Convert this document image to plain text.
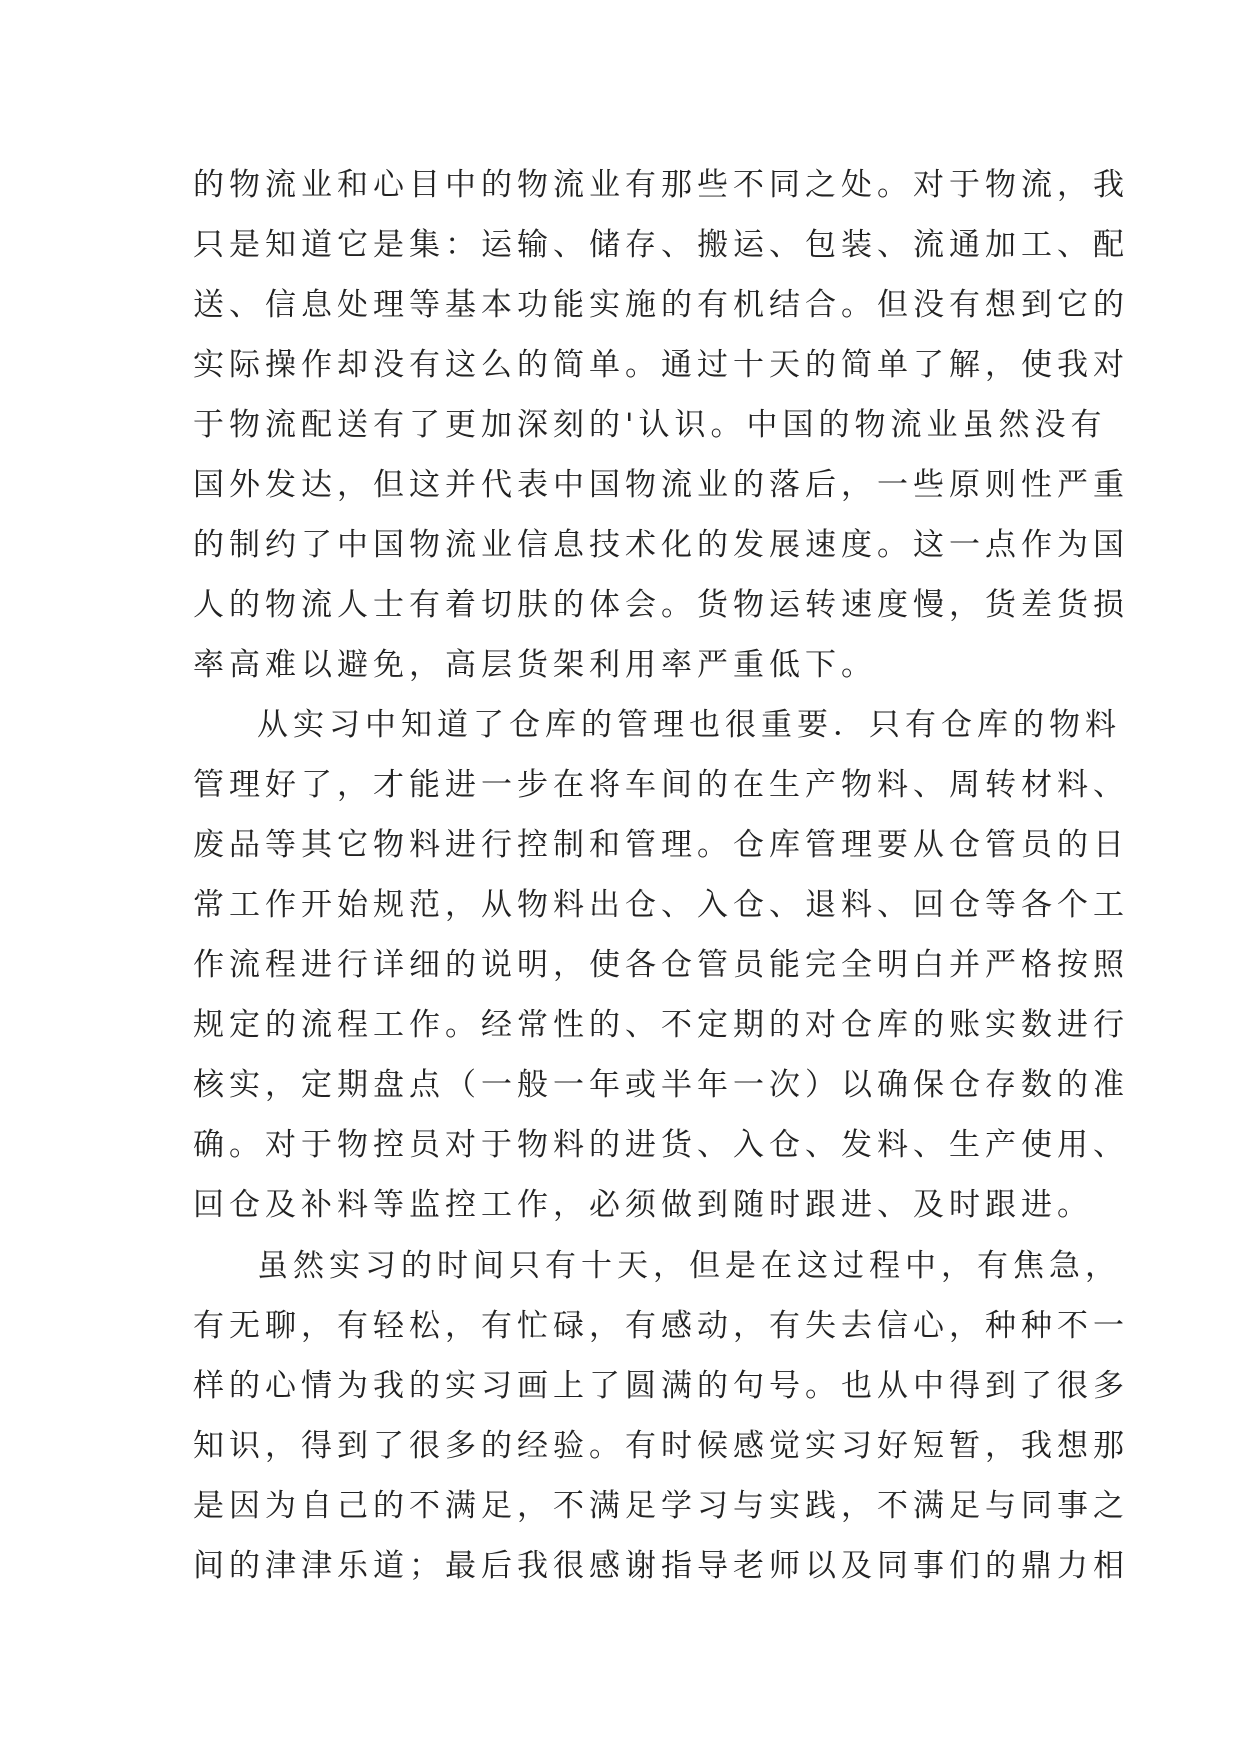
的物流业和心目中的物流业有那些不同之处。对于物流，我
只是知道它是集：运输、储存、搬运、包装、流通加工、配
送、信息处理等基本功能实施的有机结合。但没有想到它的
实际操作却没有这么的简单。通过十天的简单了解，使我对
于物流配送有了更加深刻的'认识。中国的物流业虽然没有
国外发达，但这并代表中国物流业的落后，一些原则性严重
的制约了中国物流业信息技术化的发展速度。这一点作为国
人的物流人士有着切肤的体会。货物运转速度慢，货差货损
率高难以避免，高层货架利用率严重低下。
从实习中知道了仓库的管理也很重要．只有仓库的物料
管理好了，才能进一步在将车间的在生产物料、周转材料、
废品等其它物料进行控制和管理。仓库管理要从仓管员的日
常工作开始规范，从物料出仓、入仓、退料、回仓等各个工
作流程进行详细的说明，使各仓管员能完全明白并严格按照
规定的流程工作。经常性的、不定期的对仓库的账实数进行
核实，定期盘点（一般一年或半年一次）以确保仓存数的准
确。对于物控员对于物料的进货、入仓、发料、生产使用、
回仓及补料等监控工作，必须做到随时跟进、及时跟进。
虽然实习的时间只有十天，但是在这过程中，有焦急，
有无聊，有轻松，有忙碌，有感动，有失去信心，种种不一
样的心情为我的实习画上了圆满的句号。也从中得到了很多
知识，得到了很多的经验。有时候感觉实习好短暂，我想那
是因为自己的不满足，不满足学习与实践，不满足与同事之
间的津津乐道；最后我很感谢指导老师以及同事们的鼎力相
